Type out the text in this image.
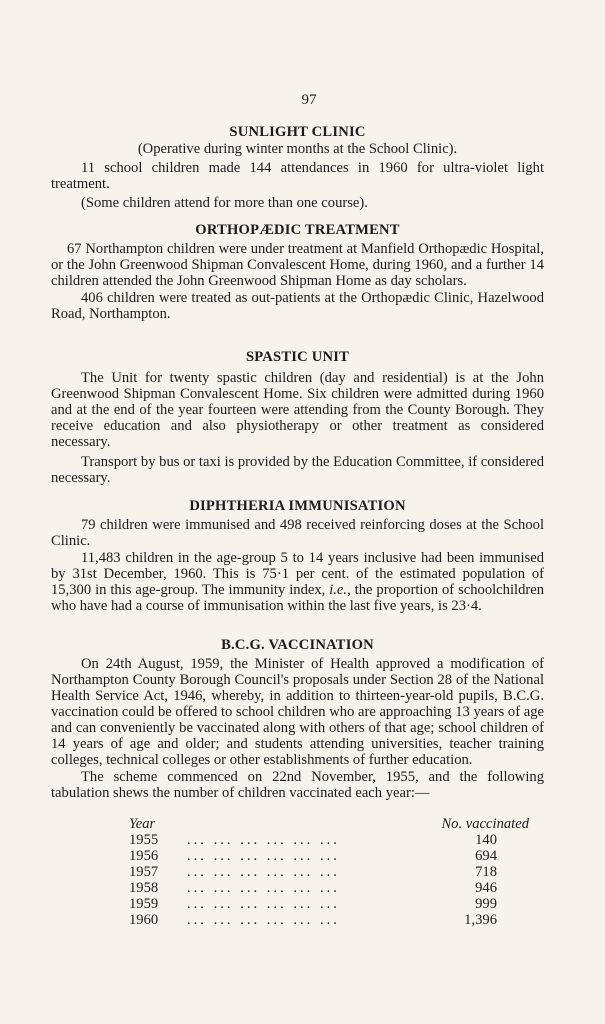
97
SUNLIGHT CLINIC
(Operative during winter months at the School Clinic).

11 school children made 144 attendances in 1960 for ultra-violet light treatment.

(Some children attend for more than one course).

ORTHOPÆDIC TREATMENT

67 Northampton children were under treatment at Manfield Orthopædic Hospital, or the John Greenwood Shipman Convalescent Home, during 1960, and a further 14 children attended the John Greenwood Shipman Home as day scholars.

406 children were treated as out-patients at the Orthopædic Clinic, Hazelwood Road, Northampton.

SPASTIC UNIT

The Unit for twenty spastic children (day and residential) is at the John Greenwood Shipman Convalescent Home. Six children were admitted during 1960 and at the end of the year fourteen were attending from the County Borough. They receive education and also physiotherapy or other treatment as considered necessary.

Transport by bus or taxi is provided by the Education Committee, if considered necessary.

DIPHTHERIA IMMUNISATION

79 children were immunised and 498 received reinforcing doses at the School Clinic.

11,483 children in the age-group 5 to 14 years inclusive had been immunised by 31st December, 1960. This is 75·1 per cent. of the estimated population of 15,300 in this age-group. The immunity index, i.e., the proportion of schoolchildren who have had a course of immunisation within the last five years, is 23·4.

B.C.G. VACCINATION

On 24th August, 1959, the Minister of Health approved a modification of Northampton County Borough Council's proposals under Section 28 of the National Health Service Act, 1946, whereby, in addition to thirteen-year-old pupils, B.C.G. vaccination could be offered to school children who are approaching 13 years of age and can conveniently be vaccinated along with others of that age; school children of 14 years of age and older; and students attending universities, teacher training colleges, technical colleges or other establishments of further education.

The scheme commenced on 22nd November, 1955, and the following tabulation shews the number of children vaccinated each year:—

Year		No. vaccinated
1955	... ... ... ... ... ...	140
1956	... ... ... ... ... ...	694
1957	... ... ... ... ... ...	718
1958	... ... ... ... ... ...	946
1959	... ... ... ... ... ...	999
1960	... ... ... ... ... ...	1,396
